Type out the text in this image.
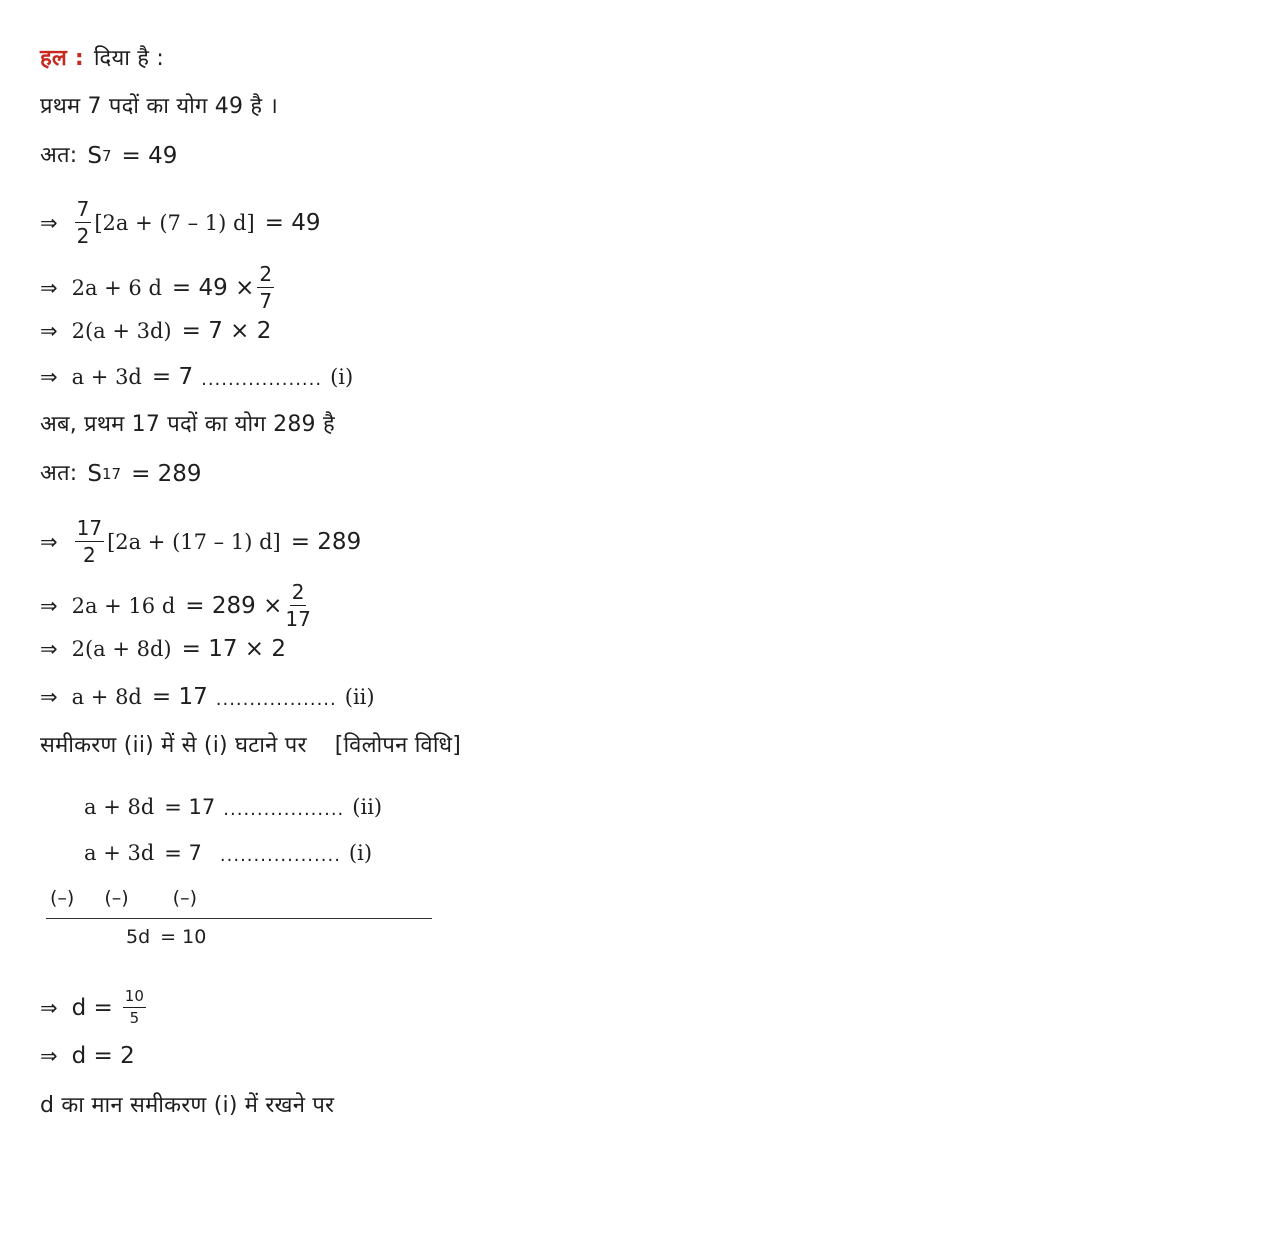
हल : दिया है :
प्रथम 7 पदों का योग 49 है ।
अत: S 7 = 49
⇒ $\frac{7}{2} [2a + (7 - 1) d] = 49$
⇒ 2a + 6 $d = 49 \times \frac{2}{7}$
⇒ 2(a + 3d) = 7 × 2
⇒ a + 3d = 7 .................. (i)
अब, प्रथम 17 पदों का योग 289 है
अत: S 17 = 289
⇒ $\frac{17}{2} [2a + (17 - 1) d] = 289$
⇒ 2a + 16 $d = 289 \times \frac{2}{17}$
⇒ 2(a + 8d) = 17 × 2
⇒ a + 8d = 17 .................. (ii)
समीकरण (ii) में से (i) घटाने पर [विलोपन विधि]
a + 8d = 17 .................. (ii)
a + 3d = 7 .................. (i)
(–) (–) (–)
5d = 10
⇒ $d = \frac{10}{5}$
⇒ d = 2
d का मान समीकरण (i) में रखने पर
